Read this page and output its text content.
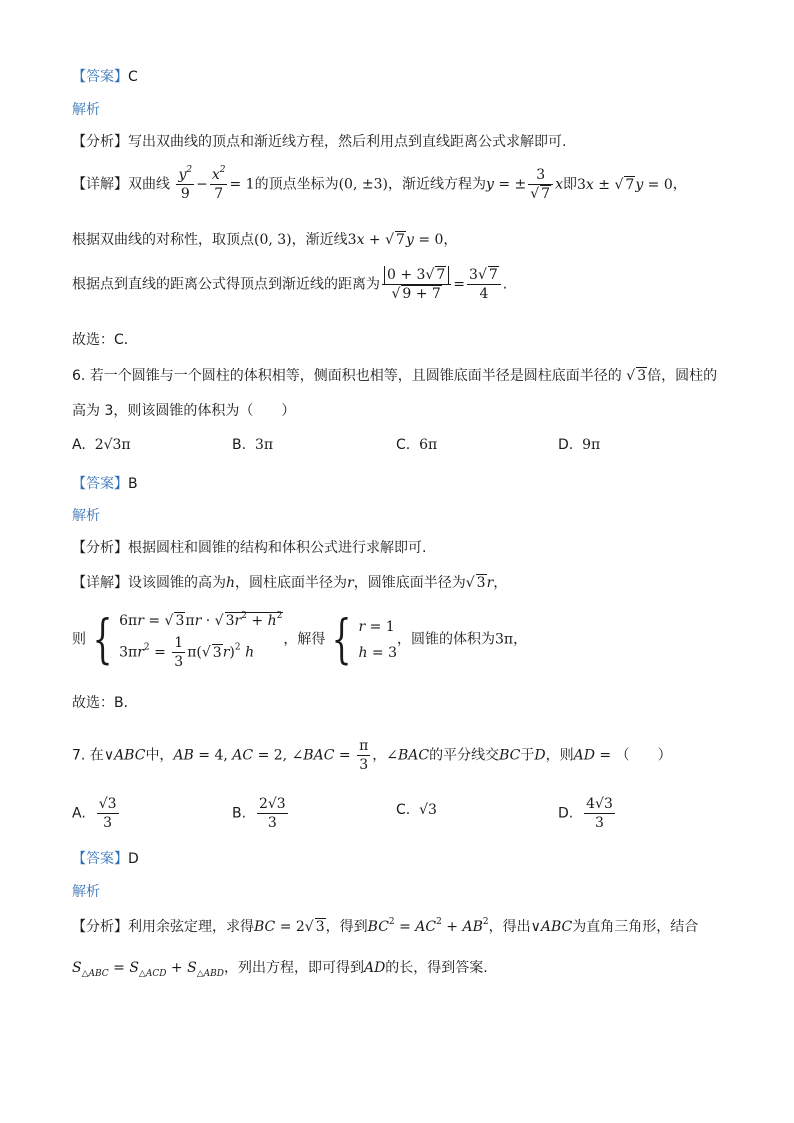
【答案】C
解析
【分析】写出双曲线的顶点和渐近线方程，然后利用点到直线距离公式求解即可.
【详解】双曲线 $\frac{y^2}{9} - \frac{x^2}{7} = 1$的顶点坐标为(0, ±3)，渐近线方程为y = ± $\frac{3}{√ 7}$ x即3x ± √ 7y = 0，
根据双曲线的对称性，取顶点(0, 3)，渐近线3x + √ 7y = 0，
根据点到直线的距离公式得顶点到渐近线的距离为 $\frac{0 + 3√ 7}{√ 9 + 7} = \frac{3√ 7}{4}$ .
故选：C．
6. 若一个圆锥与一个圆柱的体积相等，侧面积也相等，且圆锥底面半径是圆柱底面半径的 √ 3倍，圆柱的
高为 3，则该圆锥的体积为（　　）
A. 2√3π	B. 3π	C. 6π	D. 9π
【答案】B
解析
【分析】根据圆柱和圆锥的结构和体积公式进行求解即可.
【详解】设该圆锥的高为h，圆柱底面半径为r，圆锥底面半径为√ 3r，
则 { 6πr = √ 3πr · √ $3r^2 + h^2$
$3\pi r^2 = \frac{1}{3} \pi(√$ 3r)$^2$ h
，解得 { r = 1
h = 3
，圆锥的体积为3π，
故选：B．
7. 在∨ABC中，AB = 4, AC = 2, ∠BAC = $\frac{\pi}{3}$ ，∠BAC的平分线交BC于D，则AD = （　　）
A. $\frac{√3}{3}$	B. $\frac{2√3}{3}$	C. √3	D. $\frac{4√3}{3}$
【答案】D
解析
【分析】利用余弦定理，求得BC = 2√ 3，得到$BC^2 = AC^2 + AB^2$，得出∨ABC为直角三角形，结合
$S_{\triangle ABC} = S_{\triangle ACD} + S_{\triangle ABD}$，列出方程，即可得到AD的长，得到答案.
